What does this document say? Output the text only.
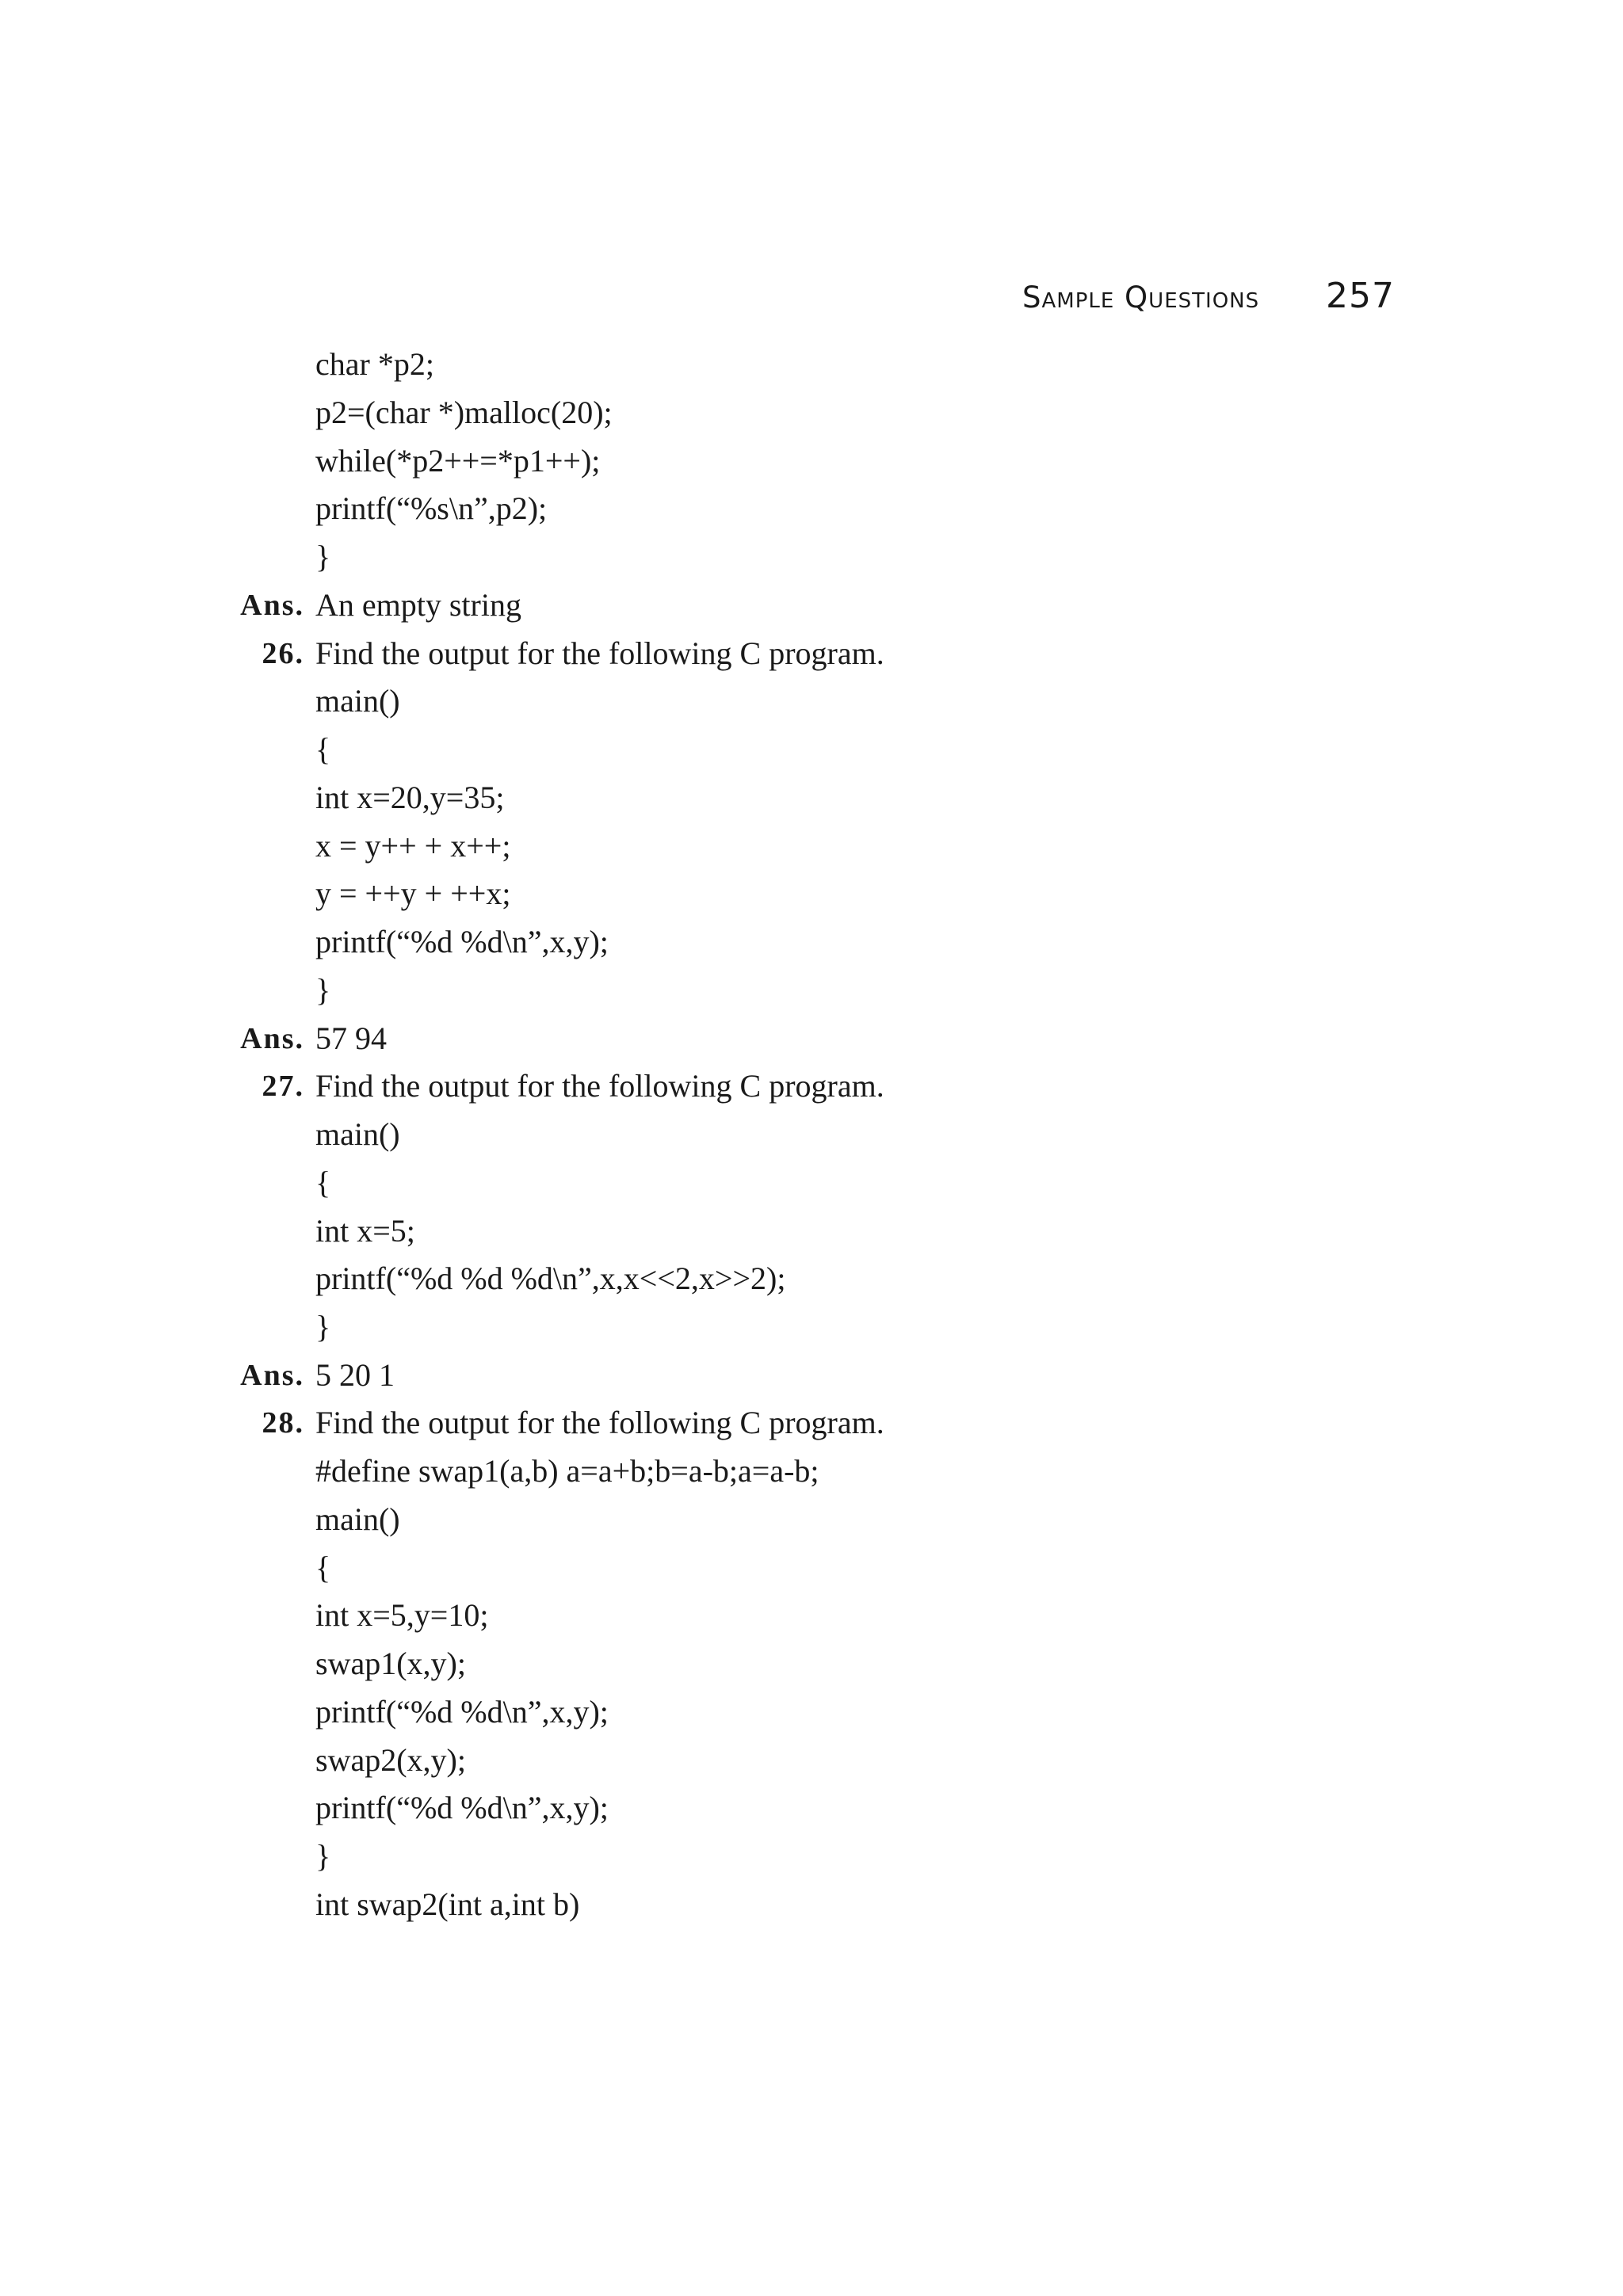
Sample Questions 257
char *p2;
p2=(char *)malloc(20);
while(*p2++=*p1++);
printf(“%s\n”,p2);
}
Ans. An empty string
26. Find the output for the following C program.
main()
{
int x=20,y=35;
x = y++ + x++;
y = ++y + ++x;
printf(“%d %d\n”,x,y);
}
Ans. 57 94
27. Find the output for the following C program.
main()
{
int x=5;
printf(“%d %d %d\n”,x,x<<2,x>>2);
}
Ans. 5 20 1
28. Find the output for the following C program.
#define swap1(a,b) a=a+b;b=a-b;a=a-b;
main()
{
int x=5,y=10;
swap1(x,y);
printf(“%d %d\n”,x,y);
swap2(x,y);
printf(“%d %d\n”,x,y);
}
int swap2(int a,int b)
